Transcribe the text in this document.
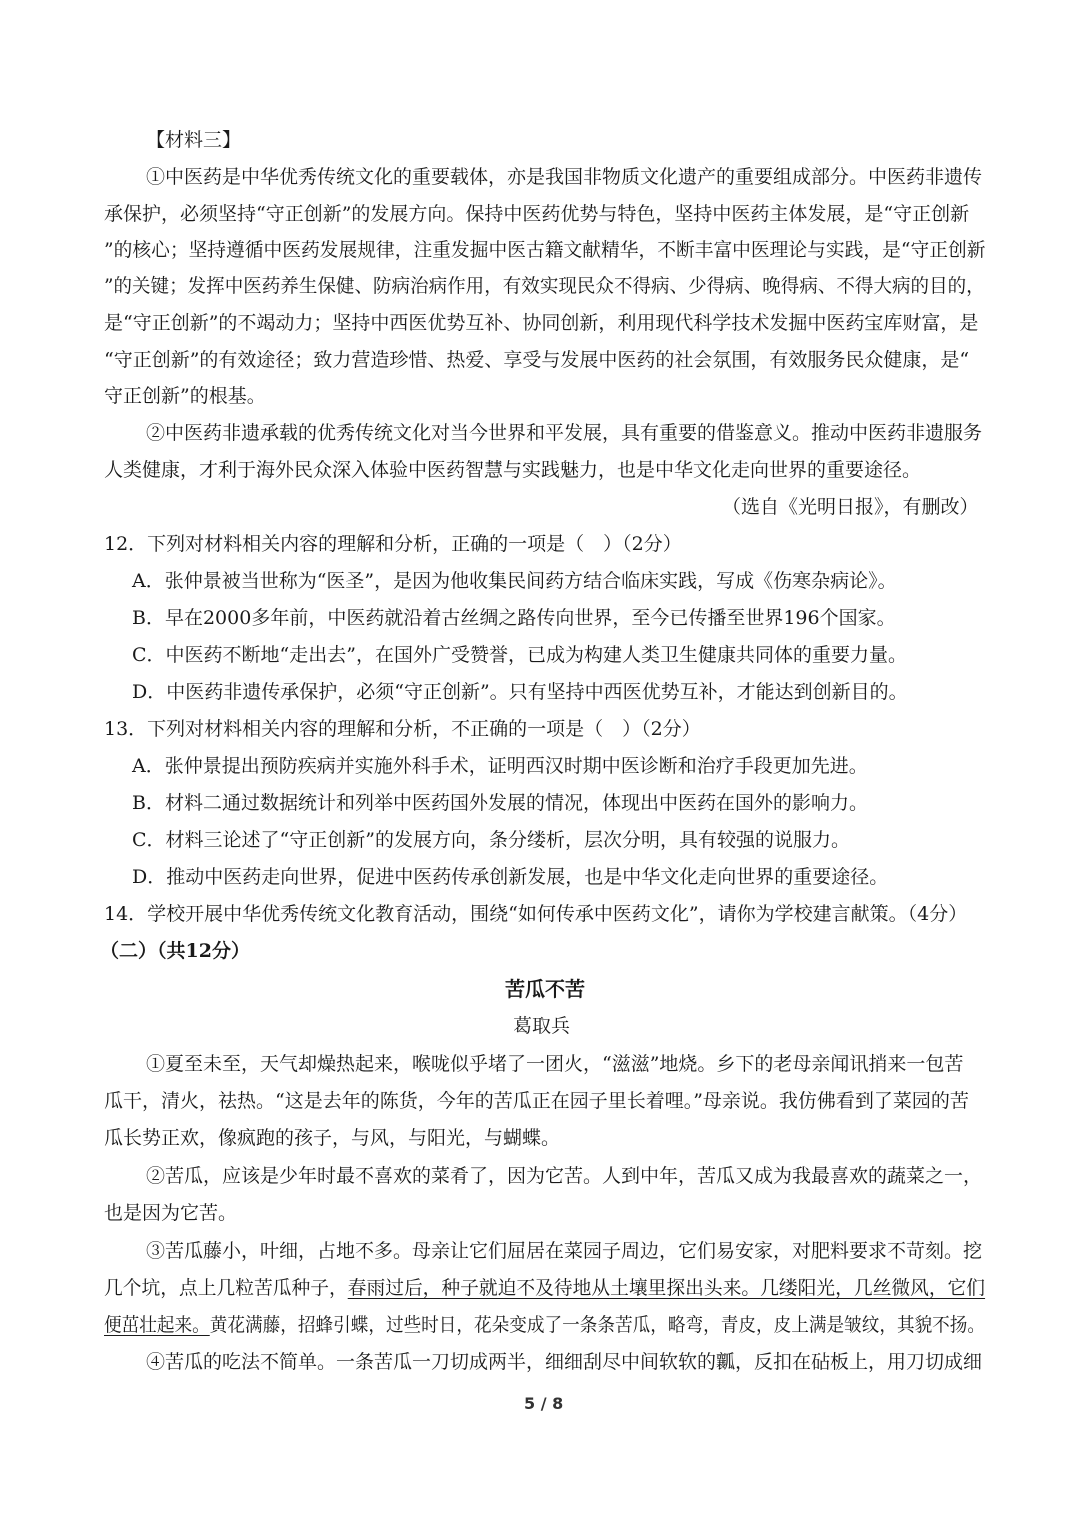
【材料三】
①中医药是中华优秀传统文化的重要载体，亦是我国非物质文化遗产的重要组成部分。中医药非遗传
承保护，必须坚持“守正创新”的发展方向。保持中医药优势与特色，坚持中医药主体发展，是“守正创新
”的核心；坚持遵循中医药发展规律，注重发掘中医古籍文献精华，不断丰富中医理论与实践，是“守正创新
”的关键；发挥中医药养生保健、防病治病作用，有效实现民众不得病、少得病、晚得病、不得大病的目的，
是“守正创新”的不竭动力；坚持中西医优势互补、协同创新，利用现代科学技术发掘中医药宝库财富，是
“守正创新”的有效途径；致力营造珍惜、热爱、享受与发展中医药的社会氛围，有效服务民众健康，是“
守正创新”的根基。
②中医药非遗承载的优秀传统文化对当今世界和平发展，具有重要的借鉴意义。推动中医药非遗服务
人类健康，才利于海外民众深入体验中医药智慧与实践魅力，也是中华文化走向世界的重要途径。
（选自《光明日报》，有删改）
12．下列对材料相关内容的理解和分析，正确的一项是（　）（2分）
A．张仲景被当世称为“医圣”，是因为他收集民间药方结合临床实践，写成《伤寒杂病论》。
B．早在2000多年前，中医药就沿着古丝绸之路传向世界，至今已传播至世界196个国家。
C．中医药不断地“走出去”，在国外广受赞誉，已成为构建人类卫生健康共同体的重要力量。
D．中医药非遗传承保护，必须“守正创新”。只有坚持中西医优势互补，才能达到创新目的。
13．下列对材料相关内容的理解和分析，不正确的一项是（　）（2分）
A．张仲景提出预防疾病并实施外科手术，证明西汉时期中医诊断和治疗手段更加先进。
B．材料二通过数据统计和列举中医药国外发展的情况，体现出中医药在国外的影响力。
C．材料三论述了“守正创新”的发展方向，条分缕析，层次分明，具有较强的说服力。
D．推动中医药走向世界，促进中医药传承创新发展，也是中华文化走向世界的重要途径。
14．学校开展中华优秀传统文化教育活动，围绕“如何传承中医药文化”，请你为学校建言献策。（4分）
（二）（共12分）
苦瓜不苦
葛取兵
①夏至未至，天气却燥热起来，喉咙似乎堵了一团火，“滋滋”地烧。乡下的老母亲闻讯捎来一包苦
瓜干，清火，祛热。“这是去年的陈货，今年的苦瓜正在园子里长着哩。”母亲说。我仿佛看到了菜园的苦
瓜长势正欢，像疯跑的孩子，与风，与阳光，与蝴蝶。
②苦瓜，应该是少年时最不喜欢的菜肴了，因为它苦。人到中年，苦瓜又成为我最喜欢的蔬菜之一，
也是因为它苦。
③苦瓜藤小，叶细，占地不多。母亲让它们屈居在菜园子周边，它们易安家，对肥料要求不苛刻。挖
几个坑，点上几粒苦瓜种子，春雨过后，种子就迫不及待地从土壤里探出头来。几缕阳光，几丝微风，它们
便茁壮起来。黄花满藤，招蜂引蝶，过些时日，花朵变成了一条条苦瓜，略弯，青皮，皮上满是皱纹，其貌不扬。
④苦瓜的吃法不简单。一条苦瓜一刀切成两半，细细刮尽中间软软的瓤，反扣在砧板上，用刀切成细
5 / 8
